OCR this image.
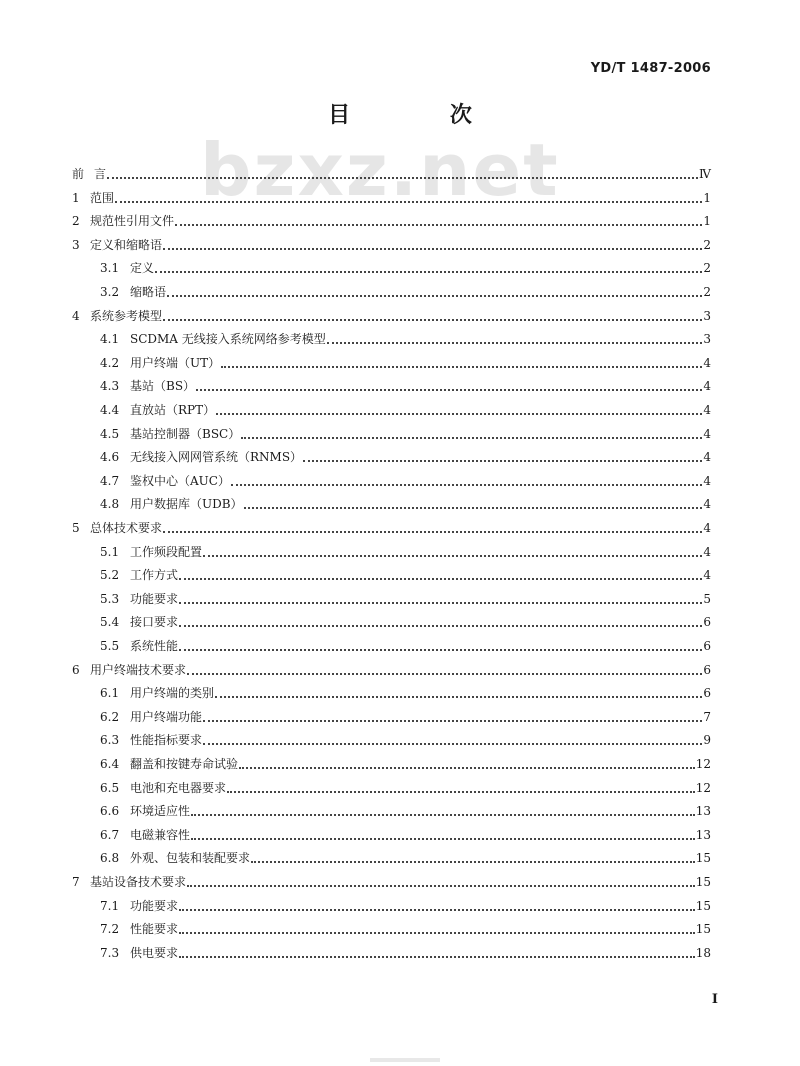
YD/T 1487-2006
bzxz.net
目 次
前 言	Ⅳ
1 范围	1
2 规范性引用文件	1
3 定义和缩略语	2
3.1 定义	2
3.2 缩略语	2
4 系统参考模型	3
4.1 SCDMA 无线接入系统网络参考模型	3
4.2 用户终端（UT）	4
4.3 基站（BS）	4
4.4 直放站（RPT）	4
4.5 基站控制器（BSC）	4
4.6 无线接入网网管系统（RNMS）	4
4.7 鉴权中心（AUC）	4
4.8 用户数据库（UDB）	4
5 总体技术要求	4
5.1 工作频段配置	4
5.2 工作方式	4
5.3 功能要求	5
5.4 接口要求	6
5.5 系统性能	6
6 用户终端技术要求	6
6.1 用户终端的类别	6
6.2 用户终端功能	7
6.3 性能指标要求	9
6.4 翻盖和按键寿命试验	12
6.5 电池和充电器要求	12
6.6 环境适应性	13
6.7 电磁兼容性	13
6.8 外观、包装和装配要求	15
7 基站设备技术要求	15
7.1 功能要求	15
7.2 性能要求	15
7.3 供电要求	18
I
